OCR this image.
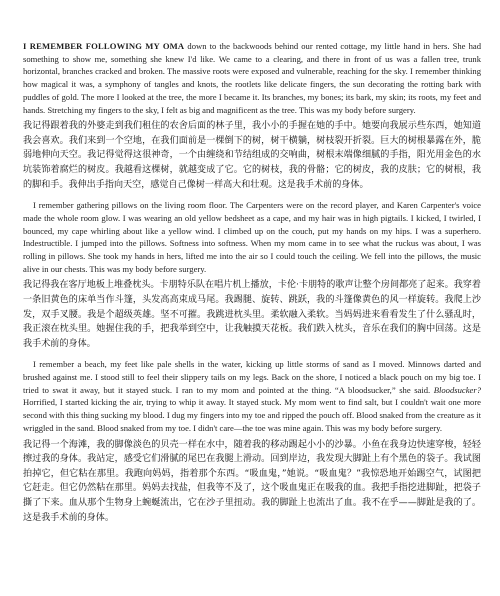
I REMEMBER FOLLOWING MY OMA down to the backwoods behind our rented cottage, my little hand in hers. She had something to show me, something she knew I'd like. We came to a clearing, and there in front of us was a fallen tree, trunk horizontal, branches cracked and broken. The massive roots were exposed and vulnerable, reaching for the sky. I remember thinking how magical it was, a symphony of tangles and knots, the rootlets like delicate fingers, the sun decorating the rotting bark with puddles of gold. The more I looked at the tree, the more I became it. Its branches, my bones; its bark, my skin; its roots, my feet and hands. Stretching my fingers to the sky, I felt as big and magnificent as the tree. This was my body before surgery.

我记得跟着我的外婆走到我们租住的农舍后面的林子里，我小小的手握在她的手中。她要向我展示些东西，她知道我会喜欢。我们来到一个空地，在我们面前是一棵倒下的树，树干横躺，树枝裂开折裂。巨大的树根暴露在外，脆弱地伸向天空。我记得觉得这很神奇，一个由缠绕和节结组成的交响曲，树根末端像细腻的手指，阳光用金色的水坑装饰着腐烂的树皮。我越看这棵树，就越变成了它。它的树枝，我的骨骼；它的树皮，我的皮肤；它的树根，我的脚和手。我伸出手指向天空，感觉自己像树一样高大和壮观。这是我手术前的身体。

I remember gathering pillows on the living room floor. The Carpenters were on the record player, and Karen Carpenter's voice made the whole room glow. I was wearing an old yellow bedsheet as a cape, and my hair was in high pigtails. I kicked, I twirled, I bounced, my cape whirling about like a yellow wind. I climbed up on the couch, put my hands on my hips. I was a superhero. Indestructible. I jumped into the pillows. Softness into softness. When my mom came in to see what the ruckus was about, I was rolling in pillows. She took my hands in hers, lifted me into the air so I could touch the ceiling. We fell into the pillows, the music alive in our chests. This was my body before surgery.

我记得我在客厅地板上堆叠枕头。卡朋特乐队在唱片机上播放，卡伦·卡朋特的歌声让整个房间都亮了起来。我穿着一条旧黄色的床单当作斗篷，头发高高束成马尾。我踢腿、旋转、跳跃，我的斗篷像黄色的风一样旋转。我爬上沙发，双手叉腰。我是个超级英雄。坚不可摧。我跳进枕头里。柔软融入柔软。当妈妈进来看看发生了什么骚乱时，我正滚在枕头里。她握住我的手，把我举到空中，让我触摸天花板。我们跌入枕头，音乐在我们的胸中回荡。这是我手术前的身体。

I remember a beach, my feet like pale shells in the water, kicking up little storms of sand as I moved. Minnows darted and brushed against me. I stood still to feel their slippery tails on my legs. Back on the shore, I noticed a black pouch on my big toe. I tried to swat it away, but it stayed stuck. I ran to my mom and pointed at the thing. “A bloodsucker,” she said. Bloodsucker? Horrified, I started kicking the air, trying to whip it away. It stayed stuck. My mom went to find salt, but I couldn't wait one more second with this thing sucking my blood. I dug my fingers into my toe and ripped the pouch off. Blood snaked from the creature as it wriggled in the sand. Blood snaked from my toe. I didn't care—the toe was mine again. This was my body before surgery.

我记得一个海滩，我的脚像淡色的贝壳一样在水中，随着我的移动踢起小小的沙暴。小鱼在我身边快速穿梭，轻轻擦过我的身体。我站定，感受它们滑腻的尾巴在我腿上滑动。回到岸边，我发现大脚趾上有个黑色的袋子。我试图拍掉它，但它粘在那里。我跑向妈妈，指着那个东西。“吸血鬼，”她说。“吸血鬼？”我惊恐地开始踢空气，试图把它赶走。但它仍然粘在那里。妈妈去找盐，但我等不及了，这个吸血鬼正在吸我的血。我把手指挖进脚趾，把袋子撕了下来。血从那个生物身上蜿蜒流出，它在沙子里扭动。我的脚趾上也流出了血。我不在乎——脚趾是我的了。这是我手术前的身体。
